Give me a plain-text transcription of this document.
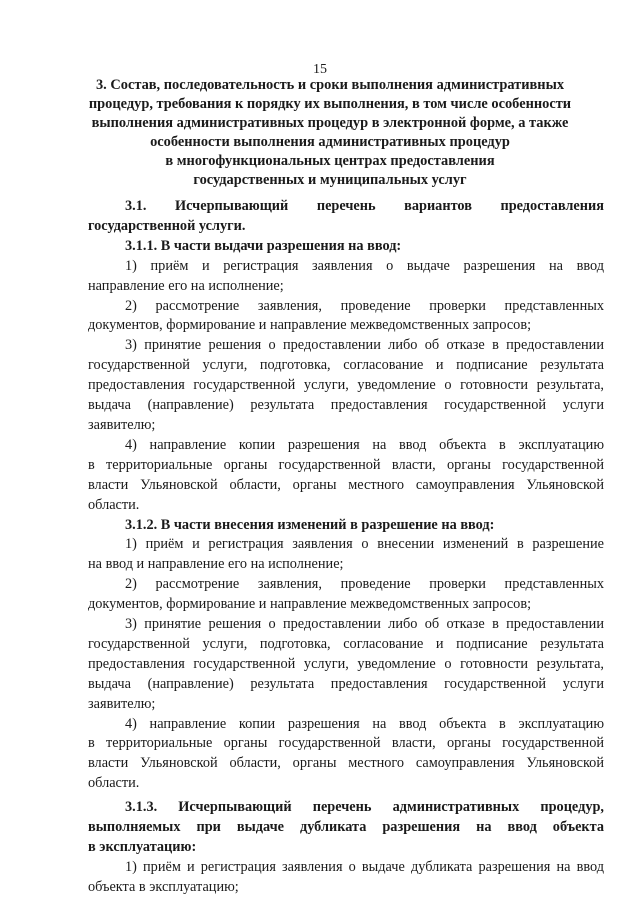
15
3. Состав, последовательность и сроки выполнения административных
процедур, требования к порядку их выполнения, в том числе особенности
выполнения административных процедур в электронной форме, а также
особенности выполнения административных процедур
в многофункциональных центрах предоставления
государственных и муниципальных услуг
3.1. Исчерпывающий перечень вариантов предоставления
государственной услуги.
3.1.1. В части выдачи разрешения на ввод:
1) приём и регистрация заявления о выдаче разрешения на ввод
направление его на исполнение;
2) рассмотрение заявления, проведение проверки представленных
документов, формирование и направление межведомственных запросов;
3) принятие решения о предоставлении либо об отказе в предоставлении
государственной услуги, подготовка, согласование и подписание результата
предоставления государственной услуги, уведомление о готовности результата,
выдача (направление) результата предоставления государственной услуги
заявителю;
4) направление копии разрешения на ввод объекта в эксплуатацию
в территориальные органы государственной власти, органы государственной
власти Ульяновской области, органы местного самоуправления Ульяновской
области.
3.1.2. В части внесения изменений в разрешение на ввод:
1) приём и регистрация заявления о внесении изменений в разрешение
на ввод и направление его на исполнение;
2) рассмотрение заявления, проведение проверки представленных
документов, формирование и направление межведомственных запросов;
3) принятие решения о предоставлении либо об отказе в предоставлении
государственной услуги, подготовка, согласование и подписание результата
предоставления государственной услуги, уведомление о готовности результата,
выдача (направление) результата предоставления государственной услуги
заявителю;
4) направление копии разрешения на ввод объекта в эксплуатацию
в территориальные органы государственной власти, органы государственной
власти Ульяновской области, органы местного самоуправления Ульяновской
области.
3.1.3. Исчерпывающий перечень административных процедур,
выполняемых при выдаче дубликата разрешения на ввод объекта
в эксплуатацию:
1) приём и регистрация заявления о выдаче дубликата разрешения на ввод
объекта в эксплуатацию;
